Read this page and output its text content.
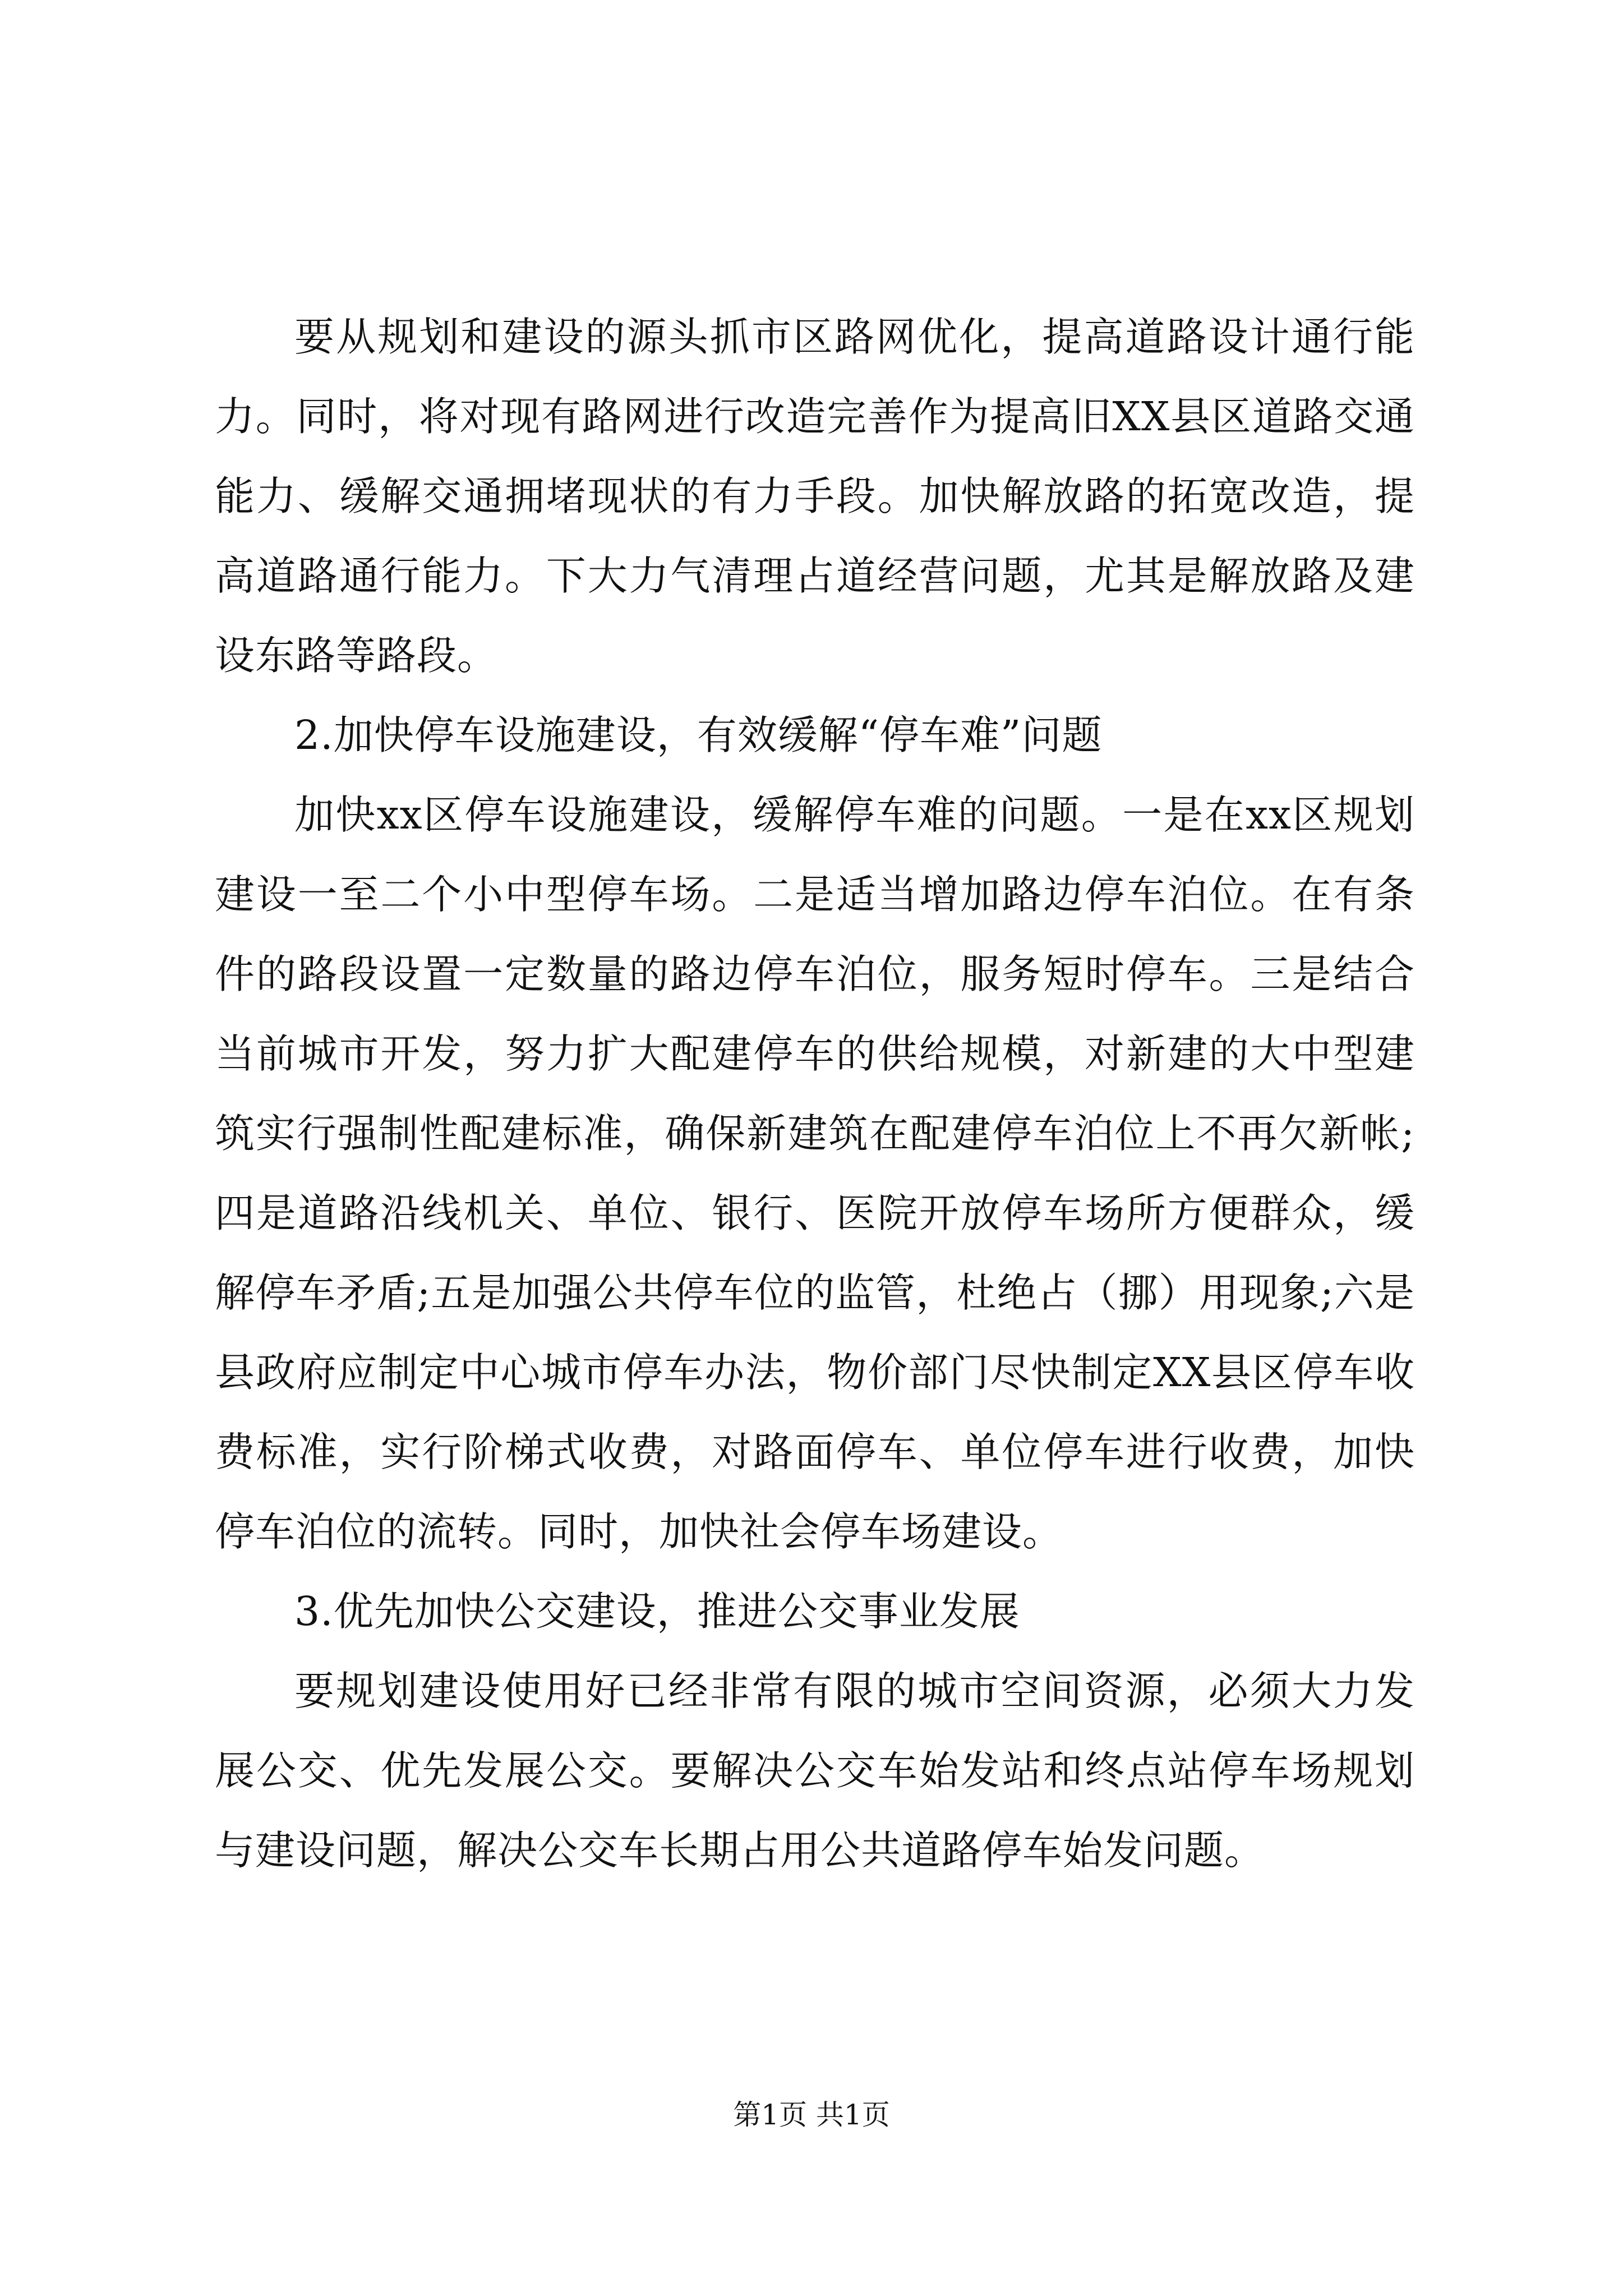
要从规划和建设的源头抓市区路网优化，提高道路设计通行能力。同时，将对现有路网进行改造完善作为提高旧XX县区道路交通能力、缓解交通拥堵现状的有力手段。加快解放路的拓宽改造，提高道路通行能力。下大力气清理占道经营问题，尤其是解放路及建设东路等路段。

2.加快停车设施建设，有效缓解“停车难”问题

加快xx区停车设施建设，缓解停车难的问题。一是在xx区规划建设一至二个小中型停车场。二是适当增加路边停车泊位。在有条件的路段设置一定数量的路边停车泊位，服务短时停车。三是结合当前城市开发，努力扩大配建停车的供给规模，对新建的大中型建筑实行强制性配建标准，确保新建筑在配建停车泊位上不再欠新帐;四是道路沿线机关、单位、银行、医院开放停车场所方便群众，缓解停车矛盾;五是加强公共停车位的监管，杜绝占（挪）用现象;六是县政府应制定中心城市停车办法，物价部门尽快制定XX县区停车收费标准，实行阶梯式收费，对路面停车、单位停车进行收费，加快停车泊位的流转。同时，加快社会停车场建设。

3.优先加快公交建设，推进公交事业发展

要规划建设使用好已经非常有限的城市空间资源，必须大力发展公交、优先发展公交。要解决公交车始发站和终点站停车场规划与建设问题，解决公交车长期占用公共道路停车始发问题。

第1页 共1页
